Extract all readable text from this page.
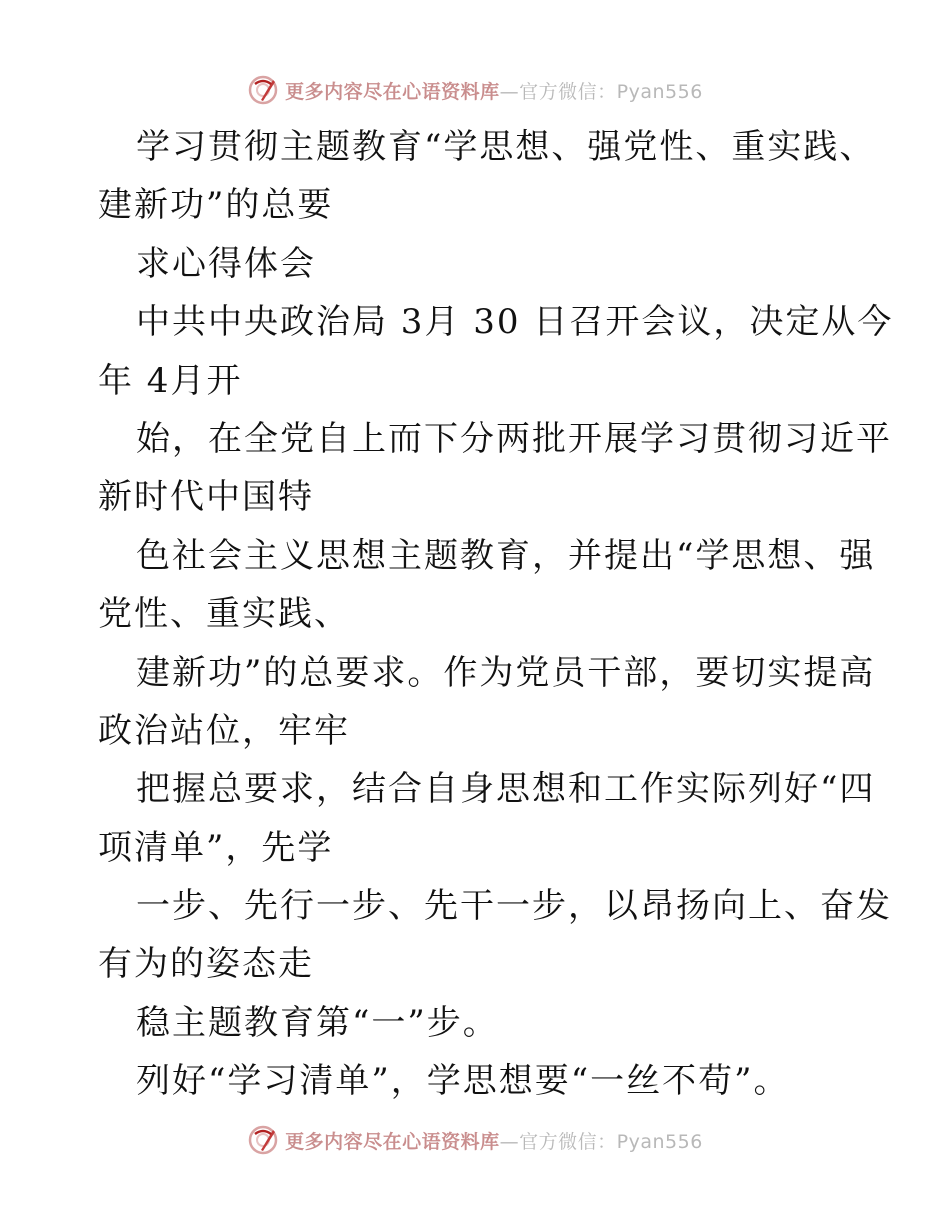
更多内容尽在心语资料库—官方微信：Pyan556
学习贯彻主题教育“学思想、强党性、重实践、
建新功”的总要
求心得体会
中共中央政治局 3月 30 日召开会议，决定从今
年 4月开
始，在全党自上而下分两批开展学习贯彻习近平
新时代中国特
色社会主义思想主题教育，并提出“学思想、强
党性、重实践、
建新功”的总要求。作为党员干部，要切实提高
政治站位，牢牢
把握总要求，结合自身思想和工作实际列好“四
项清单”，先学
一步、先行一步、先干一步，以昂扬向上、奋发
有为的姿态走
稳主题教育第“一”步。
列好“学习清单”，学思想要“一丝不苟”。
更多内容尽在心语资料库—官方微信：Pyan556
